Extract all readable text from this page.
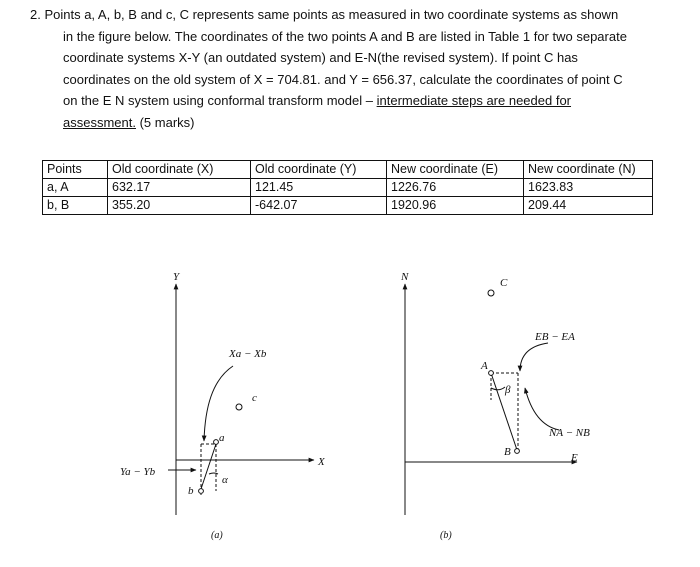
2. Points a, A, b, B and c, C represents same points as measured in two coordinate systems as shown
in the figure below. The coordinates of the two points A and B are listed in Table 1 for two separate
coordinate systems X-Y (an outdated system) and E-N(the revised system). If point C has
coordinates on the old system of X = 704.81. and Y = 656.37, calculate the coordinates of point C
on the E N system using conformal transform model – intermediate steps are needed for
assessment. (5 marks)
Points	Old coordinate (X)	Old coordinate (Y)	New coordinate (E)	New coordinate (N)
a, A	632.17	121.45	1226.76	1623.83
b, B	355.20	-642.07	1920.96	209.44
Y
X
Xa − Xb
Ya − Yb
a
b
c
α
(a)
N
E
EB − EA
NA − NB
A
B
C
β
(b)
